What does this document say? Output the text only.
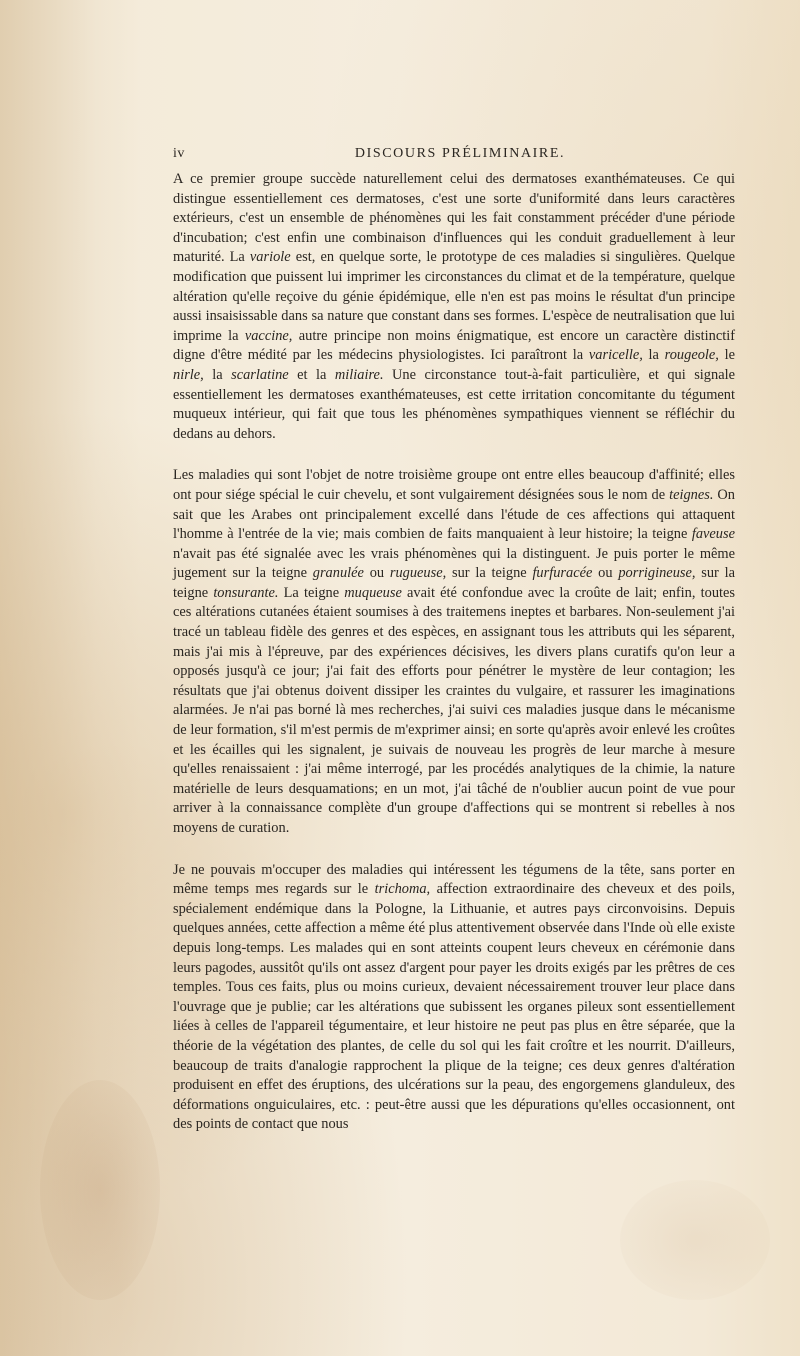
iv	DISCOURS PRÉLIMINAIRE.

A ce premier groupe succède naturellement celui des dermatoses exanthémateuses. Ce qui distingue essentiellement ces dermatoses, c'est une sorte d'uniformité dans leurs caractères extérieurs, c'est un ensemble de phénomènes qui les fait constamment précéder d'une période d'incubation; c'est enfin une combinaison d'influences qui les conduit graduellement à leur maturité. La variole est, en quelque sorte, le prototype de ces maladies si singulières. Quelque modification que puissent lui imprimer les circonstances du climat et de la température, quelque altération qu'elle reçoive du génie épidémique, elle n'en est pas moins le résultat d'un principe aussi insaisissable dans sa nature que constant dans ses formes. L'espèce de neutralisation que lui imprime la vaccine, autre principe non moins énigmatique, est encore un caractère distinctif digne d'être médité par les médecins physiologistes. Ici paraîtront la varicelle, la rougeole, le nirle, la scarlatine et la miliaire. Une circonstance tout-à-fait particulière, et qui signale essentiellement les dermatoses exanthémateuses, est cette irritation concomitante du tégument muqueux intérieur, qui fait que tous les phénomènes sympathiques viennent se réfléchir du dedans au dehors.

Les maladies qui sont l'objet de notre troisième groupe ont entre elles beaucoup d'affinité; elles ont pour siége spécial le cuir chevelu, et sont vulgairement désignées sous le nom de teignes. On sait que les Arabes ont principalement excellé dans l'étude de ces affections qui attaquent l'homme à l'entrée de la vie; mais combien de faits manquaient à leur histoire; la teigne faveuse n'avait pas été signalée avec les vrais phénomènes qui la distinguent. Je puis porter le même jugement sur la teigne granulée ou rugueuse, sur la teigne furfuracée ou porrigineuse, sur la teigne tonsurante. La teigne muqueuse avait été confondue avec la croûte de lait; enfin, toutes ces altérations cutanées étaient soumises à des traitemens ineptes et barbares. Non-seulement j'ai tracé un tableau fidèle des genres et des espèces, en assignant tous les attributs qui les séparent, mais j'ai mis à l'épreuve, par des expériences décisives, les divers plans curatifs qu'on leur a opposés jusqu'à ce jour; j'ai fait des efforts pour pénétrer le mystère de leur contagion; les résultats que j'ai obtenus doivent dissiper les craintes du vulgaire, et rassurer les imaginations alarmées. Je n'ai pas borné là mes recherches, j'ai suivi ces maladies jusque dans le mécanisme de leur formation, s'il m'est permis de m'exprimer ainsi; en sorte qu'après avoir enlevé les croûtes et les écailles qui les signalent, je suivais de nouveau les progrès de leur marche à mesure qu'elles renaissaient : j'ai même interrogé, par les procédés analytiques de la chimie, la nature matérielle de leurs desquamations; en un mot, j'ai tâché de n'oublier aucun point de vue pour arriver à la connaissance complète d'un groupe d'affections qui se montrent si rebelles à nos moyens de curation.

Je ne pouvais m'occuper des maladies qui intéressent les tégumens de la tête, sans porter en même temps mes regards sur le trichoma, affection extraordinaire des cheveux et des poils, spécialement endémique dans la Pologne, la Lithuanie, et autres pays circonvoisins. Depuis quelques années, cette affection a même été plus attentivement observée dans l'Inde où elle existe depuis long-temps. Les malades qui en sont atteints coupent leurs cheveux en cérémonie dans leurs pagodes, aussitôt qu'ils ont assez d'argent pour payer les droits exigés par les prêtres de ces temples. Tous ces faits, plus ou moins curieux, devaient nécessairement trouver leur place dans l'ouvrage que je publie; car les altérations que subissent les organes pileux sont essentiellement liées à celles de l'appareil tégumentaire, et leur histoire ne peut pas plus en être séparée, que la théorie de la végétation des plantes, de celle du sol qui les fait croître et les nourrit. D'ailleurs, beaucoup de traits d'analogie rapprochent la plique de la teigne; ces deux genres d'altération produisent en effet des éruptions, des ulcérations sur la peau, des engorgemens glanduleux, des déformations onguiculaires, etc. : peut-être aussi que les dépurations qu'elles occasionnent, ont des points de contact que nous
